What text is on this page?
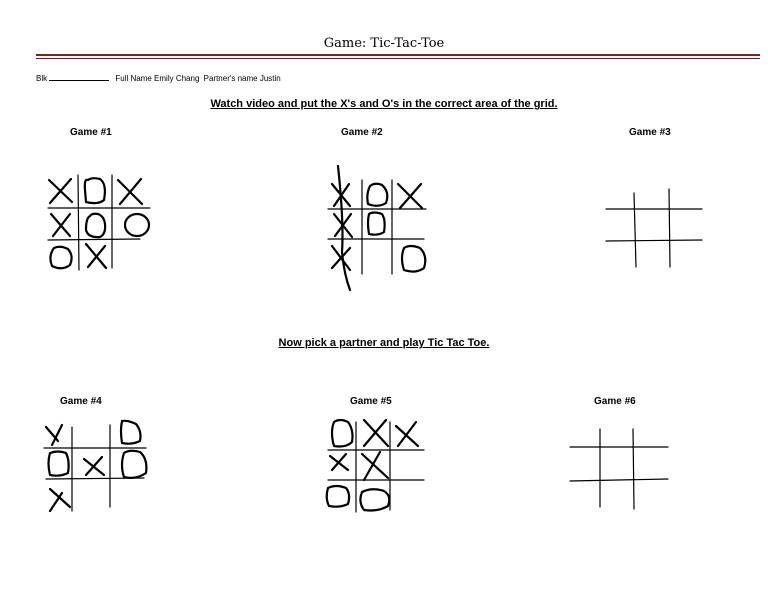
Game: Tic-Tac-Toe
Blk	Full Name Emily Chang Partner's name Justin
Watch video and put the X's and O's in the correct area of the grid.
Now pick a partner and play Tic Tac Toe.
Game #1	Game #2	Game #3
Game #4	Game #5	Game #6
